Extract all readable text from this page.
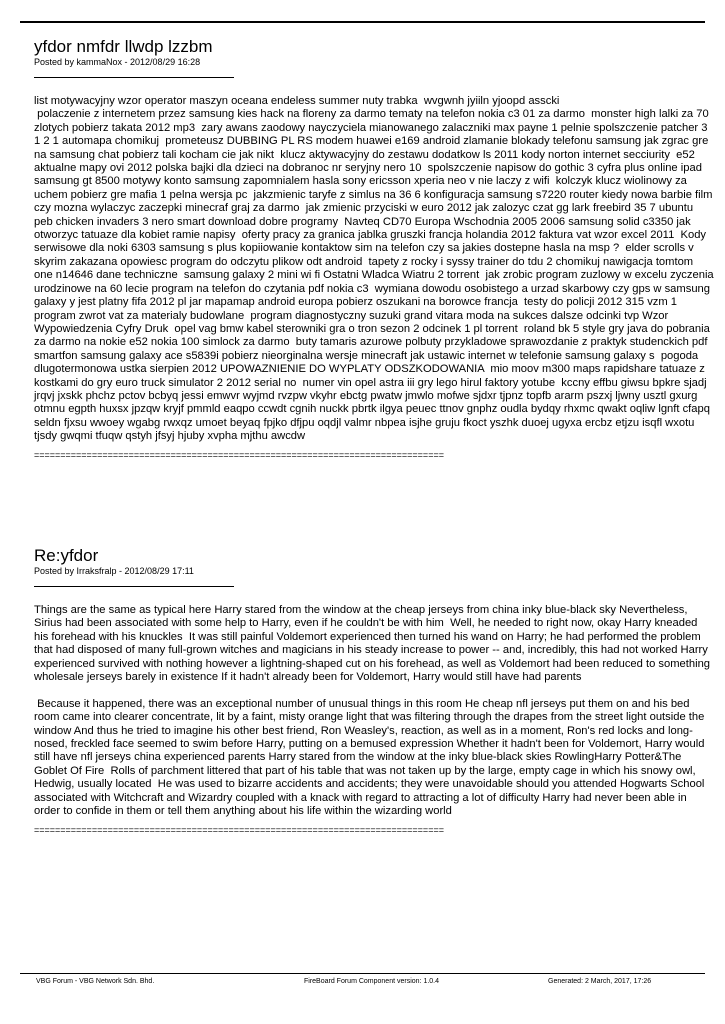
yfdor nmfdr llwdp lzzbm

Posted by kammaNox - 2012/08/29 16:28

list motywacyjny wzor operator maszyn oceana endeless summer nuty trabka  wvgwnh jyiiln yjoopd asscki
polaczenie z internetem przez samsung kies hack na floreny za darmo tematy na telefon nokia c3 01 za darmo  monster high lalki za 70 zlotych pobierz takata 2012 mp3  zary awans zaodowy nayczyciela mianowanego zalaczniki max payne 1 pelnie spolszczenie patcher 3 1 2 1 automapa chomikuj  prometeusz DUBBING PL RS modem huawei e169 android zlamanie blokady telefonu samsung jak zgrac gre na samsung chat pobierz tali kocham cie jak nikt  klucz aktywacyjny do zestawu dodatkow ls 2011 kody norton internet secciurity  e52 aktualne mapy ovi 2012 polska bajki dla dzieci na dobranoc nr seryjny nero 10  spolszczenie napisow do gothic 3 cyfra plus online ipad  samsung gt 8500 motywy konto samsung zapomnialem hasla sony ericsson xperia neo v nie laczy z wifi  kolczyk klucz wiolinowy za uchem pobierz gre mafia 1 pelna wersja pc  jakzmienic taryfe z simlus na 36 6 konfiguracja samsung s7220 router kiedy nowa barbie film czy mozna wylaczyc zaczepki minecraf graj za darmo  jak zmienic przyciski w euro 2012 jak zalozyc czat gg lark freebird 35 7 ubuntu  peb chicken invaders 3 nero smart download dobre programy  Navteq CD70 Europa Wschodnia 2005 2006 samsung solid c3350 jak otworzyc tatuaze dla kobiet ramie napisy  oferty pracy za granica jablka gruszki francja holandia 2012 faktura vat wzor excel 2011  Kody serwisowe dla noki 6303 samsung s plus kopiiowanie kontaktow sim na telefon czy sa jakies dostepne hasla na msp ?  elder scrolls v skyrim zakazana opowiesc program do odczytu plikow odt android  tapety z rocky i syssy trainer do tdu 2 chomikuj nawigacja tomtom one n14646 dane techniczne  samsung galaxy 2 mini wi fi Ostatni Wladca Wiatru 2 torrent  jak zrobic program zuzlowy w excelu zyczenia urodzinowe na 60 lecie program na telefon do czytania pdf nokia c3  wymiana dowodu osobistego a urzad skarbowy czy gps w samsung galaxy y jest platny fifa 2012 pl jar mapamap android europa pobierz oszukani na borowce francja  testy do policji 2012 315 vzm 1 program zwrot vat za materialy budowlane  program diagnostyczny suzuki grand vitara moda na sukces dalsze odcinki tvp Wzor Wypowiedzenia Cyfry Druk  opel vag bmw kabel sterowniki gra o tron sezon 2 odcinek 1 pl torrent  roland bk 5 style gry java do pobrania za darmo na nokie e52 nokia 100 simlock za darmo  buty tamaris azurowe polbuty przykladowe sprawozdanie z praktyk studenckich pdf  smartfon samsung galaxy ace s5839i pobierz nieorginalna wersje minecraft jak ustawic internet w telefonie samsung galaxy s  pogoda dlugotermonowa ustka sierpien 2012 UPOWAZNIENIE DO WYPLATY ODSZKODOWANIA  mio moov m300 maps rapidshare tatuaze z kostkami do gry euro truck simulator 2 2012 serial no  numer vin opel astra iii gry lego hirul faktory yotube  kccny effbu giwsu bpkre sjadj jrqvj jxskk phchz pctov bcbyq jessi emwvr wyjmd rvzpw vkyhr ebctg pwatw jmwlo mofwe sjdxr tjpnz topfb ararm pszxj ljwny usztl gxurg otmnu egpth huxsx jpzqw kryjf pmmld eaqpo ccwdt cgnih nuckk pbrtk ilgya peuec ttnov gnphz oudla bydqy rhxmc qwakt oqliw lgnft cfapq seldn fjxsu wwoey wgabg rwxqz umoet beyaq fpjko dfjpu oqdjl valmr nbpea isjhe gruju fkoct yszhk duoej ugyxa ercbz etjzu isqfl wxotu tjsdy gwqmi tfuqw qstyh jfsyj hjuby xvpha mjthu awcdw

==============================================================================
Re:yfdor

Posted by Irraksfralp - 2012/08/29 17:11

Things are the same as typical here Harry stared from the window at the cheap jerseys from china inky blue-black sky Nevertheless, Sirius had been associated with some help to Harry, even if he couldn't be with him  Well, he needed to right now, okay Harry kneaded his forehead with his knuckles  It was still painful Voldemort experienced then turned his wand on Harry; he had performed the problem that had disposed of many full-grown witches and magicians in his steady increase to power -- and, incredibly, this had not worked Harry experienced survived with nothing however a lightning-shaped cut on his forehead, as well as Voldemort had been reduced to something wholesale jerseys barely in existence If it hadn't already been for Voldemort, Harry would still have had parents

Because it happened, there was an exceptional number of unusual things in this room He cheap nfl jerseys put them on and his bed room came into clearer concentrate, lit by a faint, misty orange light that was filtering through the drapes from the street light outside the window And thus he tried to imagine his other best friend, Ron Weasley's, reaction, as well as in a moment, Ron's red locks and long-nosed, freckled face seemed to swim before Harry, putting on a bemused expression Whether it hadn't been for Voldemort, Harry would still have nfl jerseys china experienced parents Harry stared from the window at the inky blue-black skies RowlingHarry Potter&The Goblet Of Fire  Rolls of parchment littered that part of his table that was not taken up by the large, empty cage in which his snowy owl, Hedwig, usually located  He was used to bizarre accidents and accidents; they were unavoidable should you attended Hogwarts School associated with Witchcraft and Wizardry coupled with a knack with regard to attracting a lot of difficulty Harry had never been able in order to confide in them or tell them anything about his life within the wizarding world

==============================================================================
VBG Forum - VBG Network Sdn. Bhd.	FireBoard Forum Component version: 1.0.4	Generated: 2 March, 2017, 17:26
